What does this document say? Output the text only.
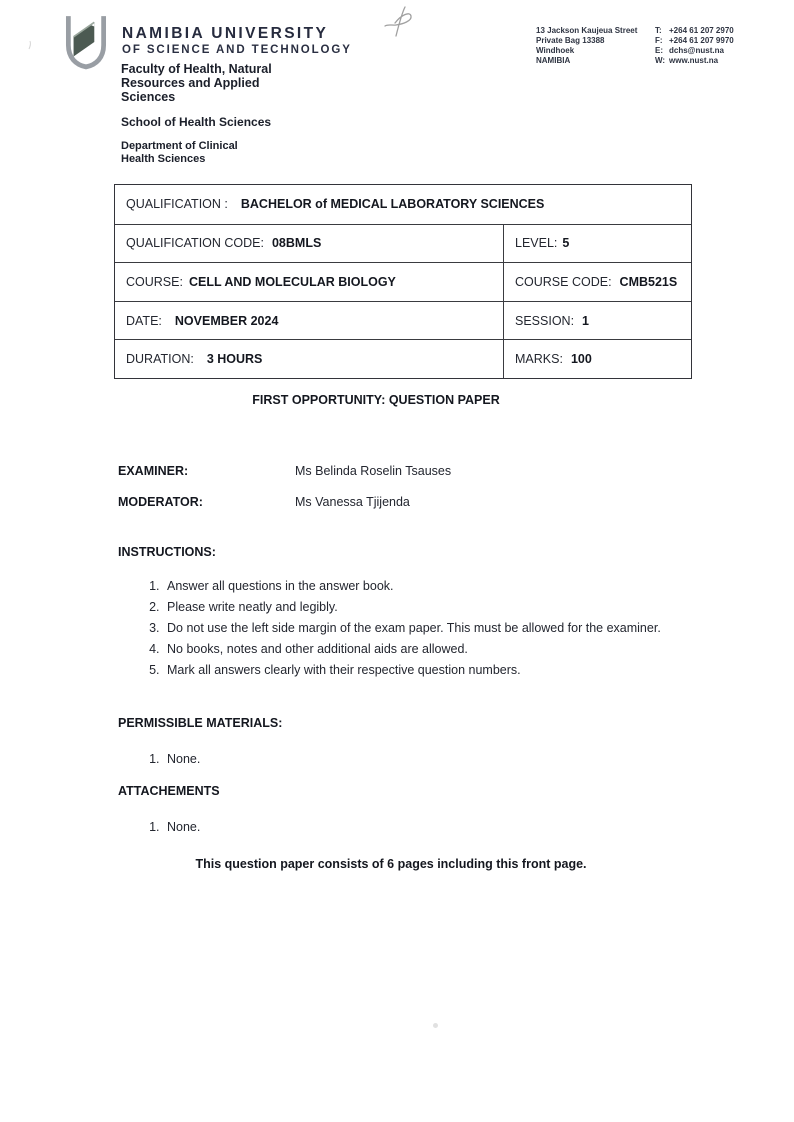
NAMIBIA UNIVERSITY
OF SCIENCE AND TECHNOLOGY
Faculty of Health, Natural Resources and Applied Sciences
School of Health Sciences
Department of Clinical Health Sciences
13 Jackson Kaujeua Street
Private Bag 13388
Windhoek
NAMIBIA
T: +264 61 207 2970
F: +264 61 207 9970
E: dchs@nust.na
W: www.nust.na
QUALIFICATION : BACHELOR of MEDICAL LABORATORY SCIENCES
QUALIFICATION CODE: 08BMLS	LEVEL: 5
COURSE: CELL AND MOLECULAR BIOLOGY	COURSE CODE: CMB521S
DATE: NOVEMBER 2024	SESSION: 1
DURATION: 3 HOURS	MARKS: 100
FIRST OPPORTUNITY: QUESTION PAPER
EXAMINER:	Ms Belinda Roselin Tsauses
MODERATOR:	Ms Vanessa Tjijenda
INSTRUCTIONS:
1. Answer all questions in the answer book.
2. Please write neatly and legibly.
3. Do not use the left side margin of the exam paper. This must be allowed for the examiner.
4. No books, notes and other additional aids are allowed.
5. Mark all answers clearly with their respective question numbers.
PERMISSIBLE MATERIALS:
1. None.
ATTACHEMENTS
1. None.
This question paper consists of 6 pages including this front page.
